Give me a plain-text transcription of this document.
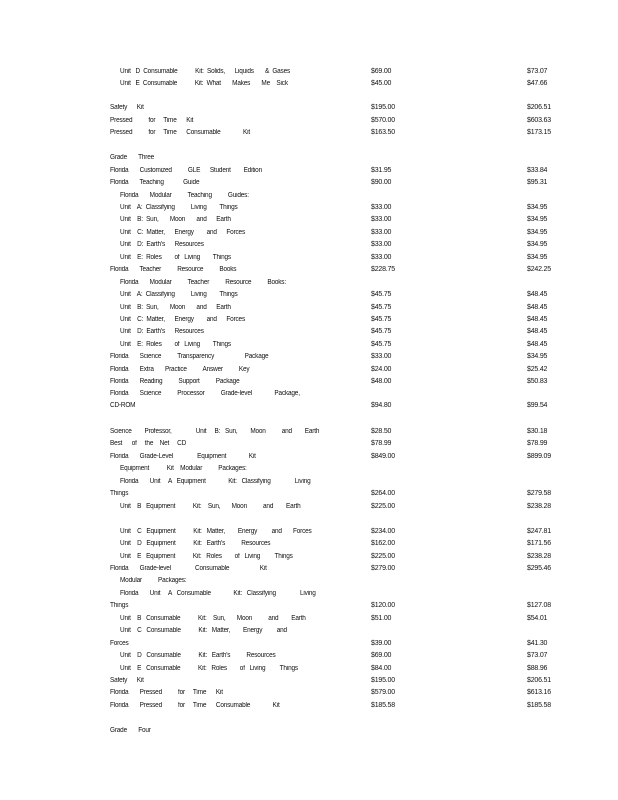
Unit   D  Consumable           Kit:  Solids,      Liquids       &  Gases	$69.00	$73.07
Unit   E  Consumable           Kit:  What       Makes       Me    Sick	$45.00	$47.66
Safety      Kit	$195.00	$206.51
Pressed          for     Time      Kit	$570.00	$603.63
Pressed          for     Time      Consumable              Kit	$163.50	$173.15
Grade       Three
Florida       Customized          GLE      Student        Edition	$31.95	$33.84
Florida       Teaching            Guide	$90.00	$95.31
Florida       Modular          Teaching          Guides:
Unit    A:  Classifying          Living        Things	$33.00	$34.95
Unit    B:  Sun,       Moon       and      Earth	$33.00	$34.95
Unit    C:  Matter,      Energy        and      Forces	$33.00	$34.95
Unit    D:  Earth's      Resources	$33.00	$34.95
Unit    E:  Roles        of   Living        Things	$33.00	$34.95
Florida       Teacher          Resource          Books	$228.75	$242.25
Florida       Modular          Teacher          Resource          Books:
Unit    A:  Classifying          Living        Things	$45.75	$48.45
Unit    B:  Sun,       Moon       and      Earth	$45.75	$48.45
Unit    C:  Matter,      Energy        and      Forces	$45.75	$48.45
Unit    D:  Earth's      Resources	$45.75	$48.45
Unit    E:  Roles        of   Living        Things	$45.75	$48.45
Florida       Science          Transparency                   Package	$33.00	$34.95
Florida       Extra       Practice          Answer          Key	$24.00	$25.42
Florida       Reading          Support          Package	$48.00	$50.83
Florida       Science          Processor          Grade-level              Package,
CD-ROM	$94.80	$99.54
Science        Professor,               Unit     B:   Sun,        Moon          and        Earth	$28.50	$30.18
Best      of     the    Net     CD	$78.99	$78.99
Florida       Grade-Level               Equipment              Kit	$849.00	$899.09
Equipment           Kit    Modular          Packages:
Florida       Unit     A   Equipment              Kit:   Classifying               Living
Things	$264.00	$279.58
Unit    B   Equipment           Kit:    Sun,       Moon          and        Earth	$225.00	$238.28
Unit    C   Equipment           Kit:   Matter,        Energy         and       Forces	$234.00	$247.81
Unit    D   Equipment           Kit:   Earth's          Resources	$162.00	$171.56
Unit    E   Equipment           Kit:   Roles        of   Living         Things	$225.00	$238.28
Florida       Grade-level               Consumable                   Kit	$279.00	$295.46
Modular          Packages:
Florida       Unit     A   Consumable              Kit:   Classifying               Living
Things	$120.00	$127.08
Unit    B   Consumable           Kit:    Sun,       Moon          and        Earth	$51.00	$54.01
Unit    C   Consumable           Kit:   Matter,        Energy         and
Forces	$39.00	$41.30
Unit    D   Consumable           Kit:   Earth's          Resources	$69.00	$73.07
Unit    E   Consumable           Kit:   Roles        of   Living         Things	$84.00	$88.96
Safety      Kit	$195.00	$206.51
Florida       Pressed          for     Time      Kit	$579.00	$613.16
Florida       Pressed          for     Time      Consumable              Kit	$185.58	$185.58
Grade       Four
